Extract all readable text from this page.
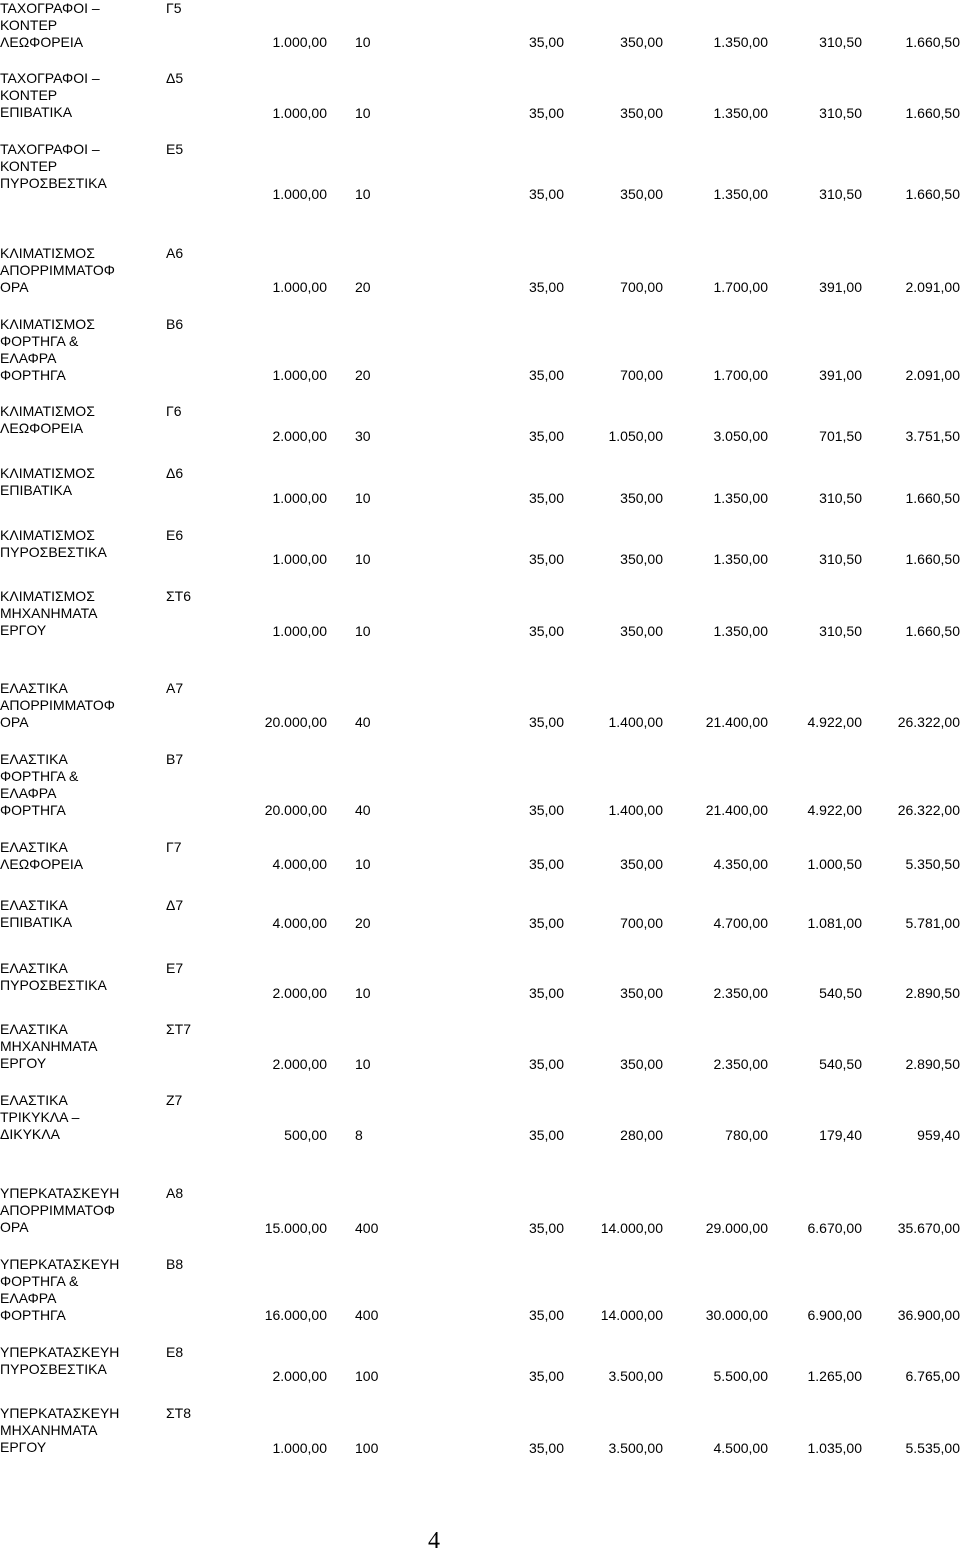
ΤΑΧΟΓΡΑΦΟΙ –
ΚΟΝΤΕΡ
ΛΕΩΦΟΡΕΙΑ
Γ5
1.000,00 10	35,00	350,00	1.350,00	310,50	1.660,50
ΤΑΧΟΓΡΑΦΟΙ –
ΚΟΝΤΕΡ
ΕΠΙΒΑΤΙΚΑ
Δ5
1.000,00 10	35,00	350,00	1.350,00	310,50	1.660,50
ΤΑΧΟΓΡΑΦΟΙ –
ΚΟΝΤΕΡ
ΠΥΡΟΣΒΕΣΤΙΚΑ
Ε5
1.000,00 10	35,00	350,00	1.350,00	310,50	1.660,50
ΚΛΙΜΑΤΙΣΜΟΣ
ΑΠΟΡΡΙΜΜΑΤΟΦ
ΟΡΑ
Α6
1.000,00 20	35,00	700,00	1.700,00	391,00	2.091,00
ΚΛΙΜΑΤΙΣΜΟΣ
ΦΟΡΤΗΓΑ &
ΕΛΑΦΡΑ
ΦΟΡΤΗΓΑ
Β6
1.000,00 20	35,00	700,00	1.700,00	391,00	2.091,00
ΚΛΙΜΑΤΙΣΜΟΣ
ΛΕΩΦΟΡΕΙΑ
Γ6
2.000,00 30	35,00	1.050,00	3.050,00	701,50	3.751,50
ΚΛΙΜΑΤΙΣΜΟΣ
ΕΠΙΒΑΤΙΚΑ
Δ6
1.000,00 10	35,00	350,00	1.350,00	310,50	1.660,50
ΚΛΙΜΑΤΙΣΜΟΣ
ΠΥΡΟΣΒΕΣΤΙΚΑ
Ε6
1.000,00 10	35,00	350,00	1.350,00	310,50	1.660,50
ΚΛΙΜΑΤΙΣΜΟΣ
ΜΗΧΑΝΗΜΑΤΑ
ΕΡΓΟΥ
ΣΤ6
1.000,00 10	35,00	350,00	1.350,00	310,50	1.660,50
ΕΛΑΣΤΙΚΑ
ΑΠΟΡΡΙΜΜΑΤΟΦ
ΟΡΑ
Α7
20.000,00 40	35,00	1.400,00	21.400,00	4.922,00	26.322,00
ΕΛΑΣΤΙΚΑ
ΦΟΡΤΗΓΑ &
ΕΛΑΦΡΑ
ΦΟΡΤΗΓΑ
Β7
20.000,00 40	35,00	1.400,00	21.400,00	4.922,00	26.322,00
ΕΛΑΣΤΙΚΑ
ΛΕΩΦΟΡΕΙΑ
Γ7
4.000,00 10	35,00	350,00	4.350,00	1.000,50	5.350,50
ΕΛΑΣΤΙΚΑ
ΕΠΙΒΑΤΙΚΑ
Δ7
4.000,00 20	35,00	700,00	4.700,00	1.081,00	5.781,00
ΕΛΑΣΤΙΚΑ
ΠΥΡΟΣΒΕΣΤΙΚΑ
Ε7
2.000,00 10	35,00	350,00	2.350,00	540,50	2.890,50
ΕΛΑΣΤΙΚΑ
ΜΗΧΑΝΗΜΑΤΑ
ΕΡΓΟΥ
ΣΤ7
2.000,00 10	35,00	350,00	2.350,00	540,50	2.890,50
ΕΛΑΣΤΙΚΑ
ΤΡΙΚΥΚΛΑ –
ΔΙΚΥΚΛΑ
Ζ7
500,00 8	35,00	280,00	780,00	179,40	959,40
ΥΠΕΡΚΑΤΑΣΚΕΥΗ
ΑΠΟΡΡΙΜΜΑΤΟΦ
ΟΡΑ
Α8
15.000,00 400	35,00	14.000,00	29.000,00	6.670,00	35.670,00
ΥΠΕΡΚΑΤΑΣΚΕΥΗ
ΦΟΡΤΗΓΑ &
ΕΛΑΦΡΑ
ΦΟΡΤΗΓΑ
Β8
16.000,00 400	35,00	14.000,00	30.000,00	6.900,00	36.900,00
ΥΠΕΡΚΑΤΑΣΚΕΥΗ
ΠΥΡΟΣΒΕΣΤΙΚΑ
Ε8
2.000,00 100	35,00	3.500,00	5.500,00	1.265,00	6.765,00
ΥΠΕΡΚΑΤΑΣΚΕΥΗ
ΜΗΧΑΝΗΜΑΤΑ
ΕΡΓΟΥ
ΣΤ8
1.000,00 100	35,00	3.500,00	4.500,00	1.035,00	5.535,00
4
